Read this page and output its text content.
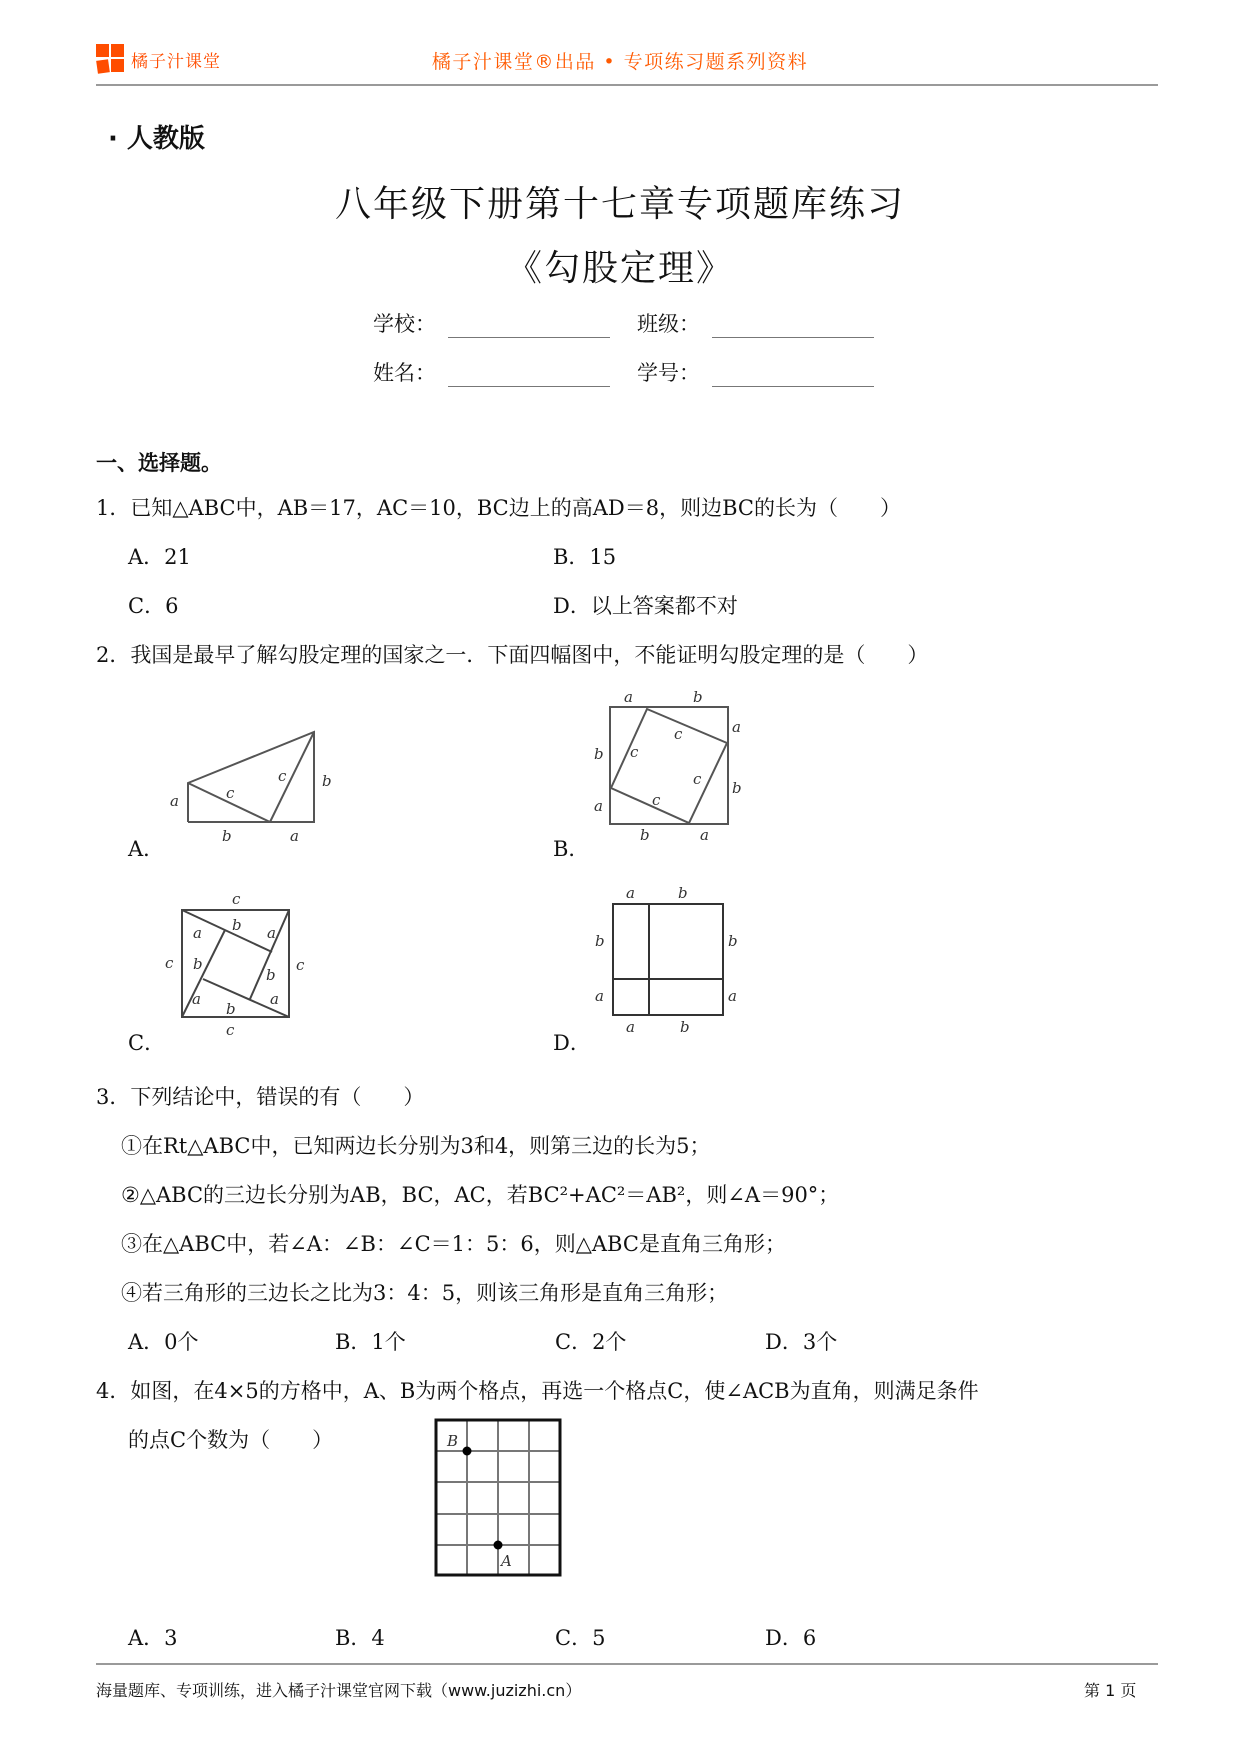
橘子汁课堂	橘子汁课堂®出品 • 专项练习题系列资料
· 人教版
八年级下册第十七章专项题库练习
《勾股定理》
学校：	班级：
姓名：	学号：
一、选择题。
1．已知△ABC中，AB＝17，AC＝10，BC边上的高AD＝8，则边BC的长为（　　）
A．21	B．15
C．6	D．以上答案都不对
2．我国是最早了解勾股定理的国家之一．下面四幅图中，不能证明勾股定理的是（　　）
A．
a
b	a
b
c
c
B．
a	b
a
b
b
a
b	a
c
c
c
c
C．
c
c	c
c
a b a
b
a
b
a
b
D．
a	b
b
a
b
a
a	b
3．下列结论中，错误的有（　　）
①在Rt△ABC中，已知两边长分别为3和4，则第三边的长为5；
②△ABC的三边长分别为AB，BC，AC，若BC²+AC²＝AB²，则∠A＝90°；
③在△ABC中，若∠A：∠B：∠C＝1：5：6，则△ABC是直角三角形；
④若三角形的三边长之比为3：4：5，则该三角形是直角三角形；
A．0个	B．1个	C．2个	D．3个
4．如图，在4×5的方格中，A、B为两个格点，再选一个格点C，使∠ACB为直角，则满足条件
的点C个数为（　　）	B
A
A．3	B．4	C．5	D．6
海量题库、专项训练，进入橘子汁课堂官网下载（www.juzizhi.cn）	第 1 页
